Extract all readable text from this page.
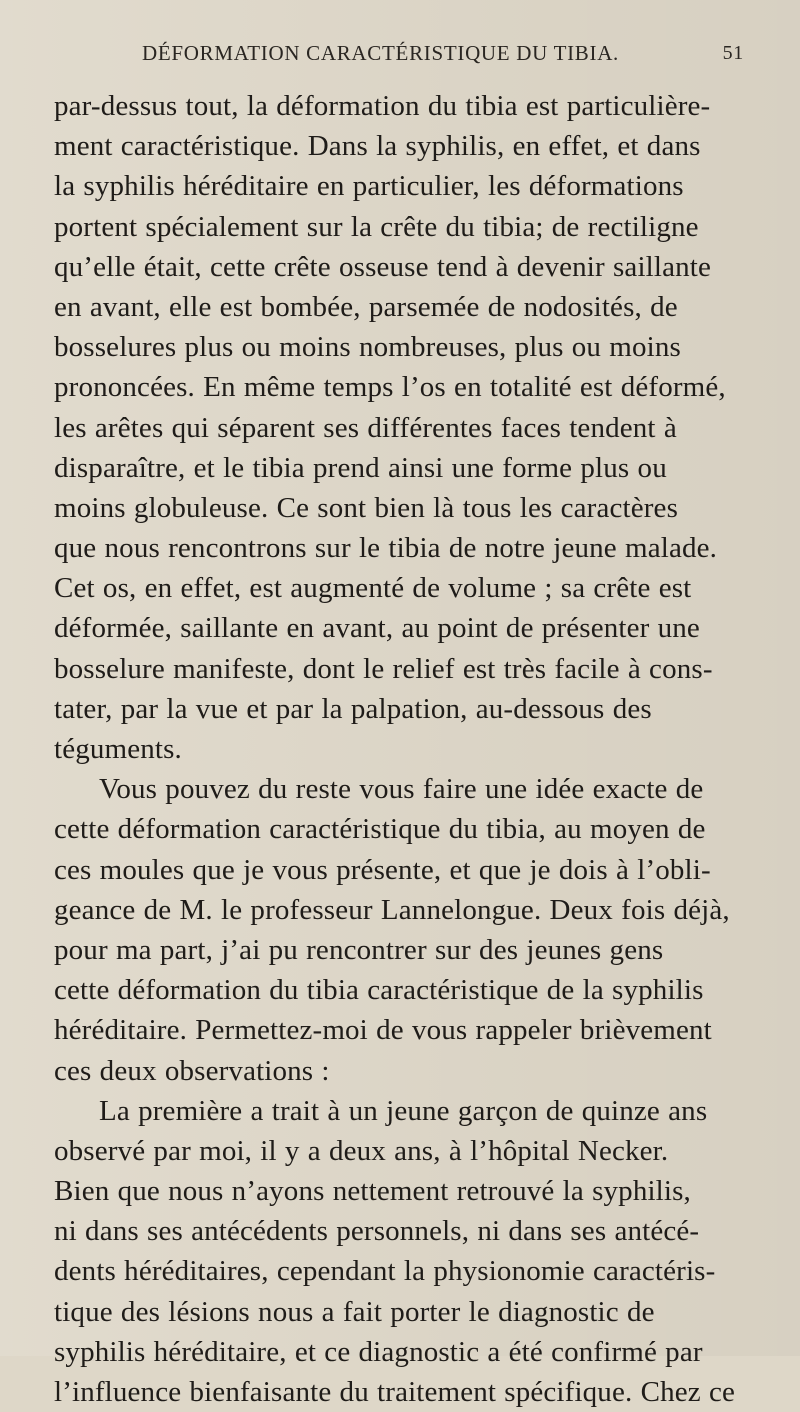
DÉFORMATION CARACTÉRISTIQUE DU TIBIA.	51
par-dessus tout, la déformation du tibia est particulière-
ment caractéristique. Dans la syphilis, en effet, et dans
la syphilis héréditaire en particulier, les déformations
portent spécialement sur la crête du tibia; de rectiligne
qu’elle était, cette crête osseuse tend à devenir saillante
en avant, elle est bombée, parsemée de nodosités, de
bosselures plus ou moins nombreuses, plus ou moins
prononcées. En même temps l’os en totalité est déformé,
les arêtes qui séparent ses différentes faces tendent à
disparaître, et le tibia prend ainsi une forme plus ou
moins globuleuse. Ce sont bien là tous les caractères
que nous rencontrons sur le tibia de notre jeune malade.
Cet os, en effet, est augmenté de volume ; sa crête est
déformée, saillante en avant, au point de présenter une
bosselure manifeste, dont le relief est très facile à cons-
tater, par la vue et par la palpation, au-dessous des
téguments.
Vous pouvez du reste vous faire une idée exacte de
cette déformation caractéristique du tibia, au moyen de
ces moules que je vous présente, et que je dois à l’obli-
geance de M. le professeur Lannelongue. Deux fois déjà,
pour ma part, j’ai pu rencontrer sur des jeunes gens
cette déformation du tibia caractéristique de la syphilis
héréditaire. Permettez-moi de vous rappeler brièvement
ces deux observations :
La première a trait à un jeune garçon de quinze ans
observé par moi, il y a deux ans, à l’hôpital Necker.
Bien que nous n’ayons nettement retrouvé la syphilis,
ni dans ses antécédents personnels, ni dans ses antécé-
dents héréditaires, cependant la physionomie caractéris-
tique des lésions nous a fait porter le diagnostic de
syphilis héréditaire, et ce diagnostic a été confirmé par
l’influence bienfaisante du traitement spécifique. Chez ce
